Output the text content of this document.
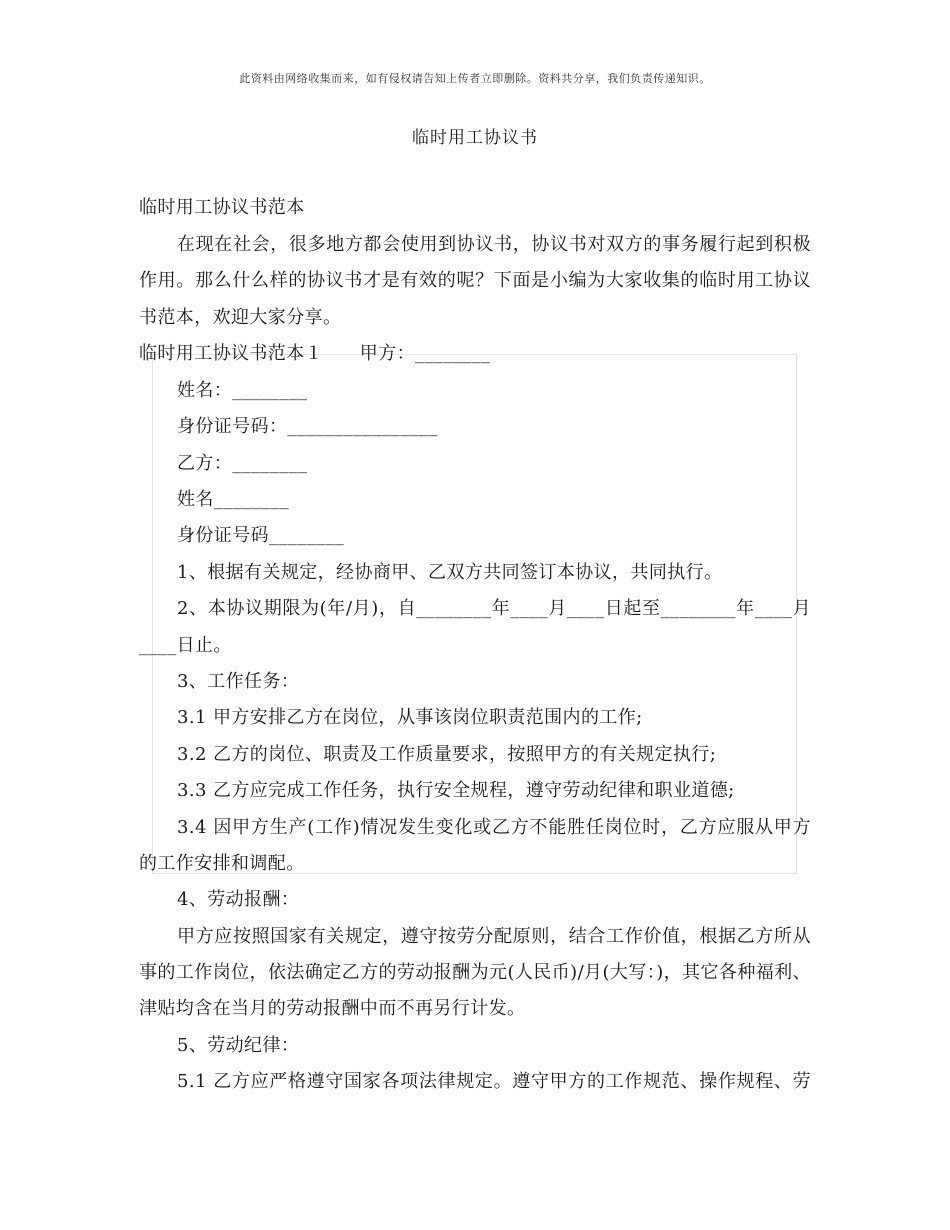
此资料由网络收集而来，如有侵权请告知上传者立即删除。资料共分享，我们负责传递知识。
临时用工协议书
临时用工协议书范本
在现在社会，很多地方都会使用到协议书，协议书对双方的事务履行起到积极
作用。那么什么样的协议书才是有效的呢？下面是小编为大家收集的临时用工协议
书范本，欢迎大家分享。
临时用工协议书范本１　　甲方：________
姓名：________
身份证号码：________________
乙方：________
姓名________
身份证号码________
1、根据有关规定，经协商甲、乙双方共同签订本协议，共同执行。
2、本协议期限为(年/月)，自________年____月____日起至________年____月
____日止。
3、工作任务：
3.1 甲方安排乙方在岗位，从事该岗位职责范围内的工作;
3.2 乙方的岗位、职责及工作质量要求，按照甲方的有关规定执行;
3.3 乙方应完成工作任务，执行安全规程，遵守劳动纪律和职业道德;
3.4 因甲方生产(工作)情况发生变化或乙方不能胜任岗位时，乙方应服从甲方
的工作安排和调配。
4、劳动报酬：
甲方应按照国家有关规定，遵守按劳分配原则，结合工作价值，根据乙方所从
事的工作岗位，依法确定乙方的劳动报酬为元(人民币)/月(大写：)，其它各种福利、
津贴均含在当月的劳动报酬中而不再另行计发。
5、劳动纪律：
5.1 乙方应严格遵守国家各项法律规定。遵守甲方的工作规范、操作规程、劳
